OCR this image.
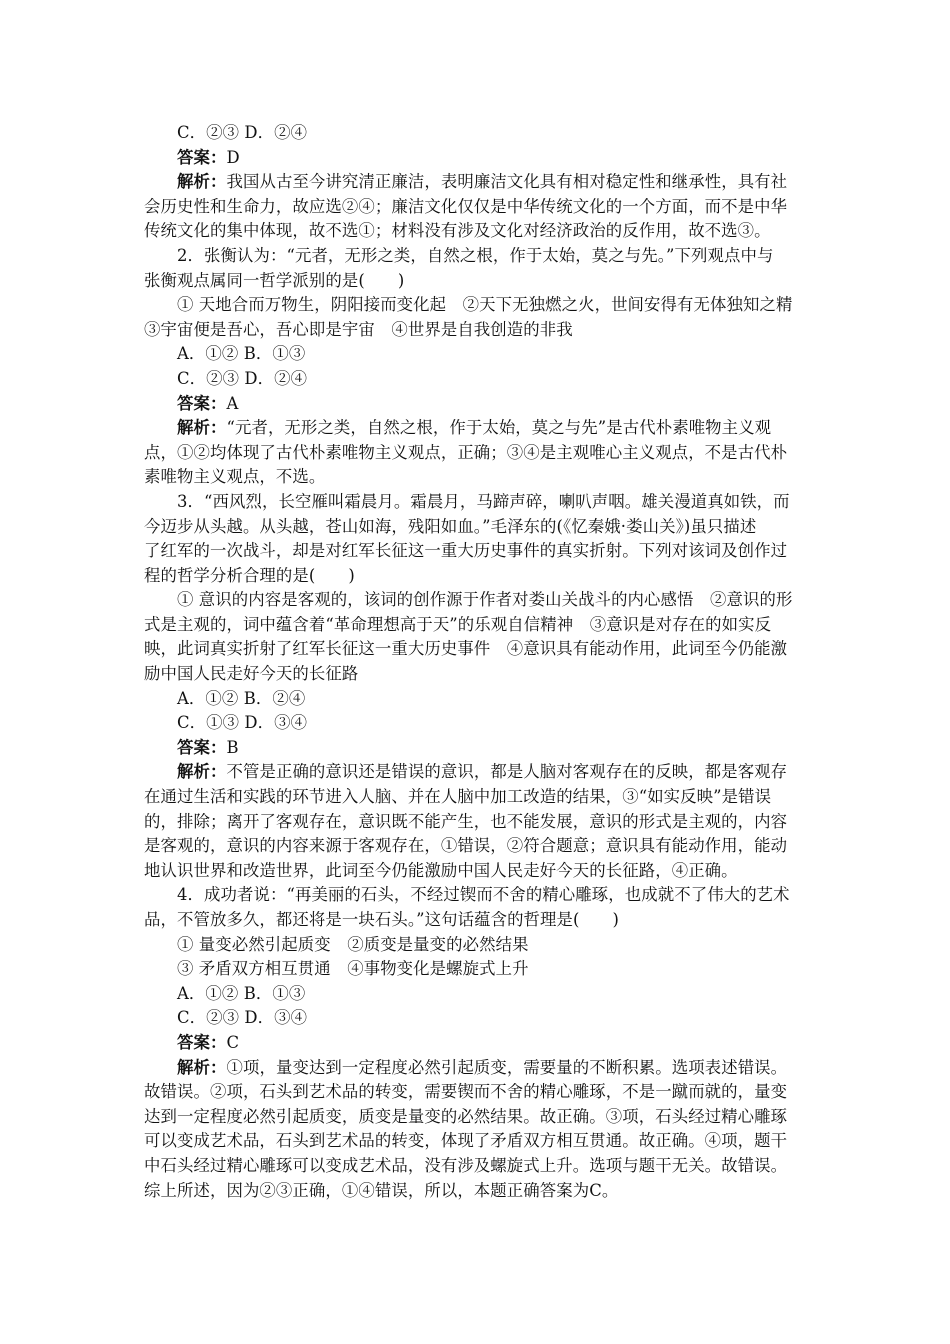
C．②③ D．②④
答案：D
解析：我国从古至今讲究清正廉洁，表明廉洁文化具有相对稳定性和继承性，具有社
会历史性和生命力，故应选②④；廉洁文化仅仅是中华传统文化的一个方面，而不是中华
传统文化的集中体现，故不选①；材料没有涉及文化对经济政治的反作用，故不选③。
2．张衡认为：“元者，无形之类，自然之根，作于太始，莫之与先。”下列观点中与
张衡观点属同一哲学派别的是(　　)
① 天地合而万物生，阴阳接而变化起　②天下无独燃之火，世间安得有无体独知之精
③宇宙便是吾心，吾心即是宇宙　④世界是自我创造的非我
A．①② B．①③
C．②③ D．②④
答案：A
解析：“元者，无形之类，自然之根，作于太始，莫之与先”是古代朴素唯物主义观
点，①②均体现了古代朴素唯物主义观点，正确；③④是主观唯心主义观点，不是古代朴
素唯物主义观点，不选。
3．“西风烈，长空雁叫霜晨月。霜晨月，马蹄声碎，喇叭声咽。雄关漫道真如铁，而
今迈步从头越。从头越，苍山如海，残阳如血。”毛泽东的(《忆秦娥·娄山关》)虽只描述
了红军的一次战斗，却是对红军长征这一重大历史事件的真实折射。下列对该词及创作过
程的哲学分析合理的是(　　)
① 意识的内容是客观的，该词的创作源于作者对娄山关战斗的内心感悟　②意识的形
式是主观的，词中蕴含着“革命理想高于天”的乐观自信精神　③意识是对存在的如实反
映，此词真实折射了红军长征这一重大历史事件　④意识具有能动作用，此词至今仍能激
励中国人民走好今天的长征路
A．①② B．②④
C．①③ D．③④
答案：B
解析：不管是正确的意识还是错误的意识，都是人脑对客观存在的反映，都是客观存
在通过生活和实践的环节进入人脑、并在人脑中加工改造的结果，③“如实反映”是错误
的，排除；离开了客观存在，意识既不能产生，也不能发展，意识的形式是主观的，内容
是客观的，意识的内容来源于客观存在，①错误，②符合题意；意识具有能动作用，能动
地认识世界和改造世界，此词至今仍能激励中国人民走好今天的长征路，④正确。
4．成功者说：“再美丽的石头，不经过锲而不舍的精心雕琢，也成就不了伟大的艺术
品，不管放多久，都还将是一块石头。”这句话蕴含的哲理是(　　)
① 量变必然引起质变　②质变是量变的必然结果
③ 矛盾双方相互贯通　④事物变化是螺旋式上升
A．①② B．①③
C．②③ D．③④
答案：C
解析：①项，量变达到一定程度必然引起质变，需要量的不断积累。选项表述错误。
故错误。②项，石头到艺术品的转变，需要锲而不舍的精心雕琢，不是一蹴而就的，量变
达到一定程度必然引起质变，质变是量变的必然结果。故正确。③项，石头经过精心雕琢
可以变成艺术品，石头到艺术品的转变，体现了矛盾双方相互贯通。故正确。④项，题干
中石头经过精心雕琢可以变成艺术品，没有涉及螺旋式上升。选项与题干无关。故错误。
综上所述，因为②③正确，①④错误，所以，本题正确答案为C。
